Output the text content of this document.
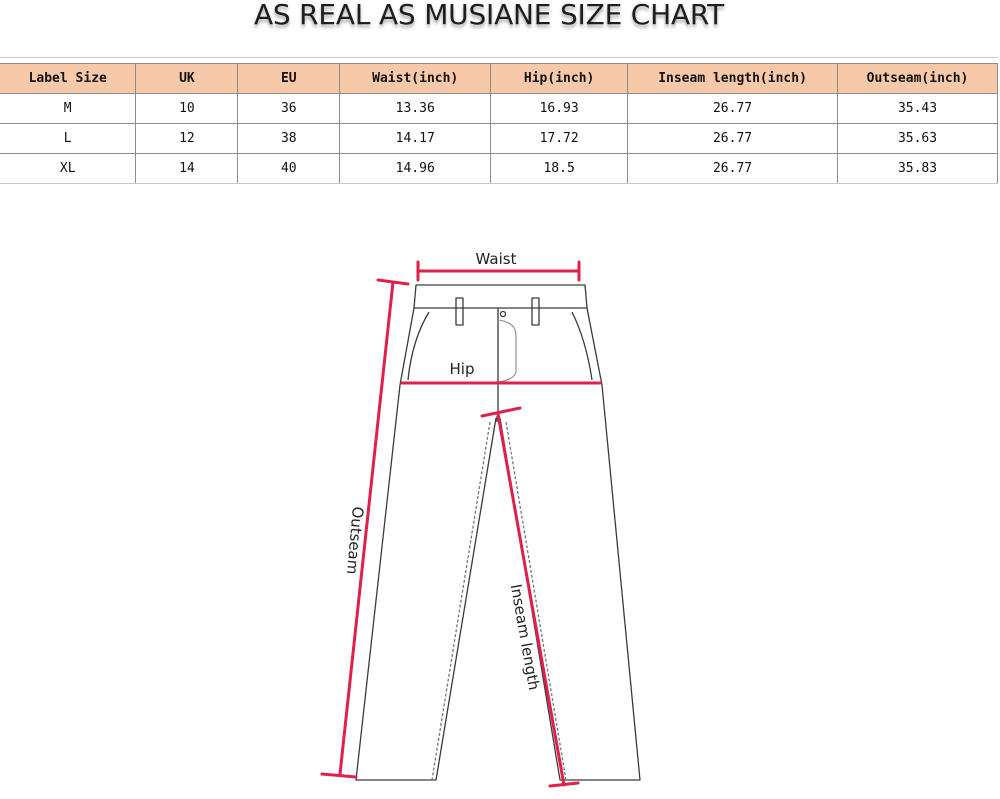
AS REAL AS MUSIANE SIZE CHART
Label Size	UK	EU	Waist(inch)	Hip(inch)	Inseam length(inch)	Outseam(inch)
M	10	36	13.36	16.93	26.77	35.43
L	12	38	14.17	17.72	26.77	35.63
XL	14	40	14.96	18.5	26.77	35.83
Waist
Hip
Outseam
Inseam length
